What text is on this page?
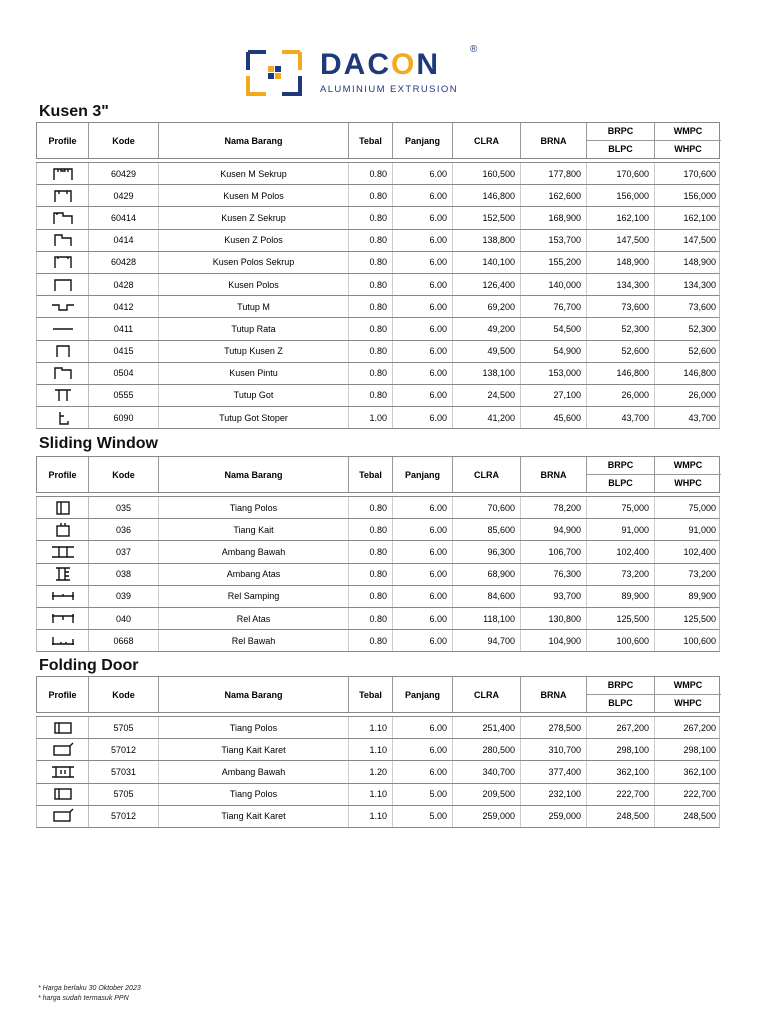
DACON	®
ALUMINIUM EXTRUSION
Kusen 3"
Profile	Kode	Nama Barang	Tebal	Panjang	CLRA	BRNA
BRPC
BLPC
WMPC
WHPC
60429	Kusen M Sekrup	0.80	6.00	160,500	177,800	170,600	170,600
0429	Kusen M Polos	0.80	6.00	146,800	162,600	156,000	156,000
60414	Kusen Z Sekrup	0.80	6.00	152,500	168,900	162,100	162,100
0414	Kusen Z Polos	0.80	6.00	138,800	153,700	147,500	147,500
60428	Kusen Polos Sekrup	0.80	6.00	140,100	155,200	148,900	148,900
0428	Kusen Polos	0.80	6.00	126,400	140,000	134,300	134,300
0412	Tutup M	0.80	6.00	69,200	76,700	73,600	73,600
0411	Tutup Rata	0.80	6.00	49,200	54,500	52,300	52,300
0415	Tutup Kusen Z	0.80	6.00	49,500	54,900	52,600	52,600
0504	Kusen Pintu	0.80	6.00	138,100	153,000	146,800	146,800
0555	Tutup Got	0.80	6.00	24,500	27,100	26,000	26,000
6090	Tutup Got Stoper	1.00	6.00	41,200	45,600	43,700	43,700
Sliding Window
Profile	Kode	Nama Barang	Tebal	Panjang	CLRA	BRNA
BRPC
BLPC
WMPC
WHPC
035	Tiang Polos	0.80	6.00	70,600	78,200	75,000	75,000
036	Tiang Kait	0.80	6.00	85,600	94,900	91,000	91,000
037	Ambang Bawah	0.80	6.00	96,300	106,700	102,400	102,400
038	Ambang Atas	0.80	6.00	68,900	76,300	73,200	73,200
039	Rel Samping	0.80	6.00	84,600	93,700	89,900	89,900
040	Rel Atas	0.80	6.00	118,100	130,800	125,500	125,500
0668	Rel Bawah	0.80	6.00	94,700	104,900	100,600	100,600
Folding Door
Profile	Kode	Nama Barang	Tebal	Panjang	CLRA	BRNA
BRPC
BLPC
WMPC
WHPC
5705	Tiang Polos	1.10	6.00	251,400	278,500	267,200	267,200
57012	Tiang Kait Karet	1.10	6.00	280,500	310,700	298,100	298,100
57031	Ambang Bawah	1.20	6.00	340,700	377,400	362,100	362,100
5705	Tiang Polos	1.10	5.00	209,500	232,100	222,700	222,700
57012	Tiang Kait Karet	1.10	5.00	259,000	259,000	248,500	248,500
* Harga berlaku 30 Oktober 2023
* harga sudah termasuk PPN
